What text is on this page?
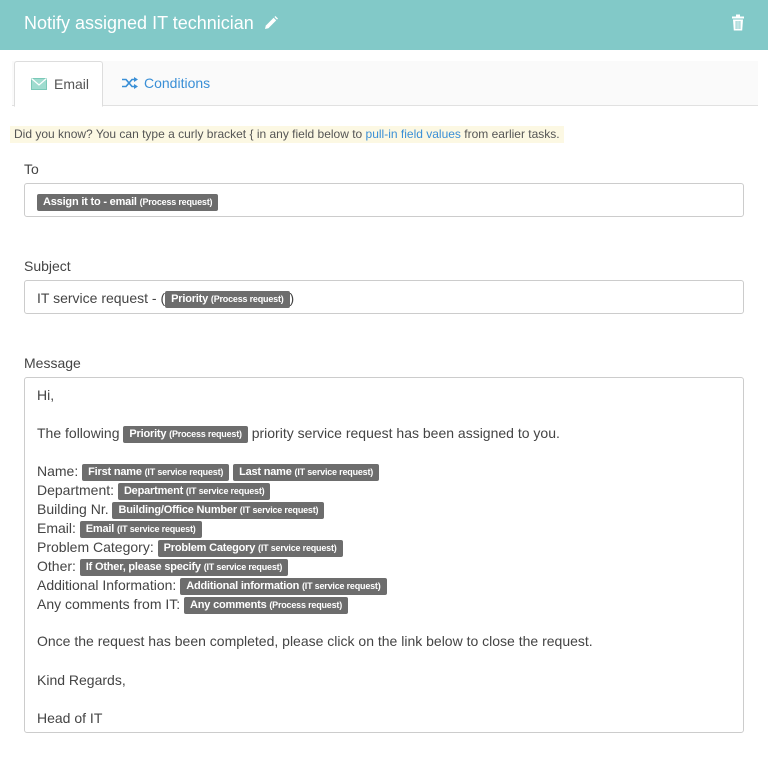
Notify assigned IT technician
Email	Conditions
Did you know? You can type a curly bracket { in any field below to pull-in field values from earlier tasks.
To
Assign it to - email (Process request)
Subject
IT service request - ( Priority (Process request) )
Message
Hi,
The following Priority (Process request) priority service request has been assigned to you.
Name: First name (IT service request) Last name (IT service request)
Department: Department (IT service request)
Building Nr. Building/Office Number (IT service request)
Email: Email (IT service request)
Problem Category: Problem Category (IT service request)
Other: If Other, please specify (IT service request)
Additional Information: Additional information (IT service request)
Any comments from IT: Any comments (Process request)
Once the request has been completed, please click on the link below to close the request.
Kind Regards,
Head of IT
